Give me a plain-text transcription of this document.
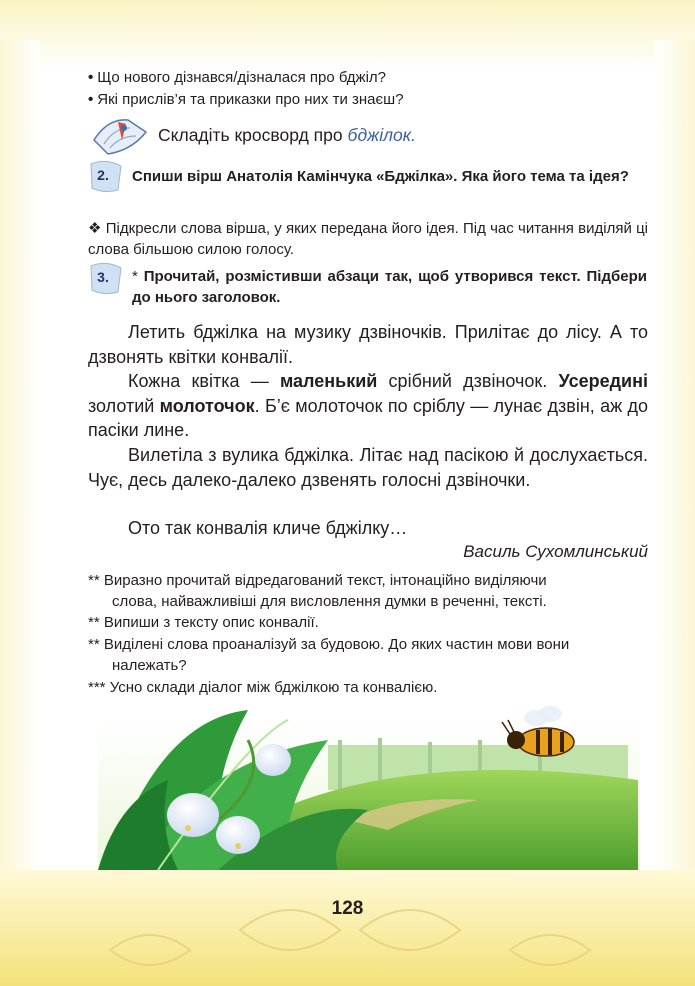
• Що нового дізнався/дізналася про бджіл?
• Які прислів’я та приказки про них ти знаєш?
Складіть кросворд про бджілок.
2.	Спиши вірш Анатолія Камінчука «Бджілка». Яка його тема та ідея?
❖ Підкресли слова вірша, у яких передана його ідея. Під час читання виділяй ці слова більшою силою голосу.
3.	* Прочитай, розмістивши абзаци так, щоб утворився текст. Підбери до нього заголовок.
Летить бджілка на музику дзвіночків. Прилітає до лісу. А то дзвонять квітки конвалії.
Кожна квітка — маленький срібний дзвіночок. Усередині золотий молоточок. Б’є молоточок по сріблу — лунає дзвін, аж до пасіки лине.
Вилетіла з вулика бджілка. Літає над пасікою й дослухається. Чує, десь далеко-далеко дзвенять голосні дзвіночки.
Ото так конвалія кличе бджілку…
Василь Сухомлинський
** Виразно прочитай відредагований текст, інтонаційно виділяючи
слова, найважливіші для висловлення думки в реченні, тексті.
** Випиши з тексту опис конвалії.
** Виділені слова проаналізуй за будовою. До яких частин мови вони
належать?
*** Усно склади діалог між бджілкою та конвалією.
128
